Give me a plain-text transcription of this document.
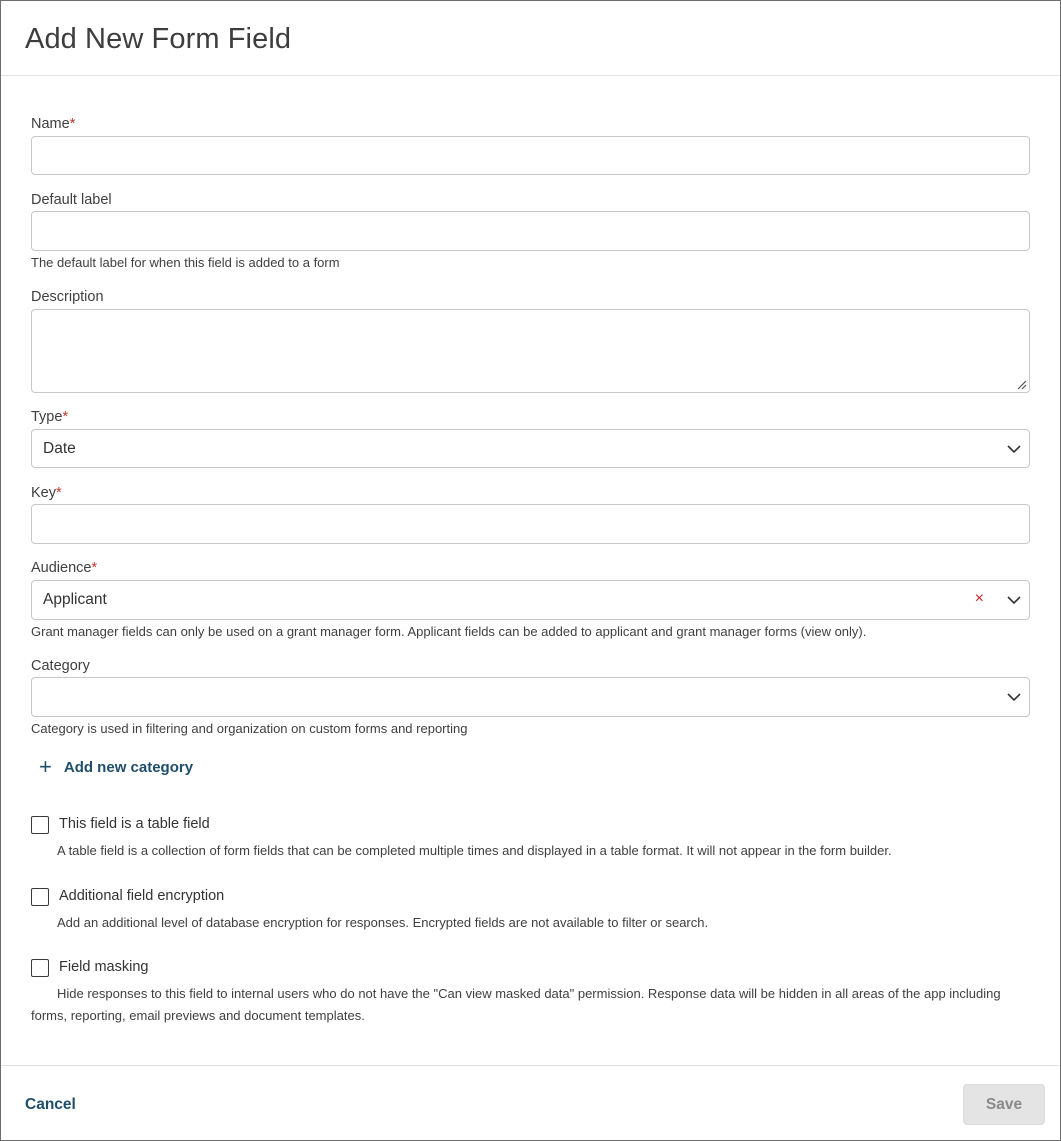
Add New Form Field
Name*
Default label
The default label for when this field is added to a form
Description
Type*
Date
Key*
Audience*
Applicant	×
Grant manager fields can only be used on a grant manager form. Applicant fields can be added to applicant and grant manager forms (view only).
Category
Category is used in filtering and organization on custom forms and reporting
+ Add new category
This field is a table field
A table field is a collection of form fields that can be completed multiple times and displayed in a table format. It will not appear in the form builder.
Additional field encryption
Add an additional level of database encryption for responses. Encrypted fields are not available to filter or search.
Field masking
Hide responses to this field to internal users who do not have the "Can view masked data" permission. Response data will be hidden in all areas of the app including forms, reporting, email previews and document templates.
Cancel	Save
